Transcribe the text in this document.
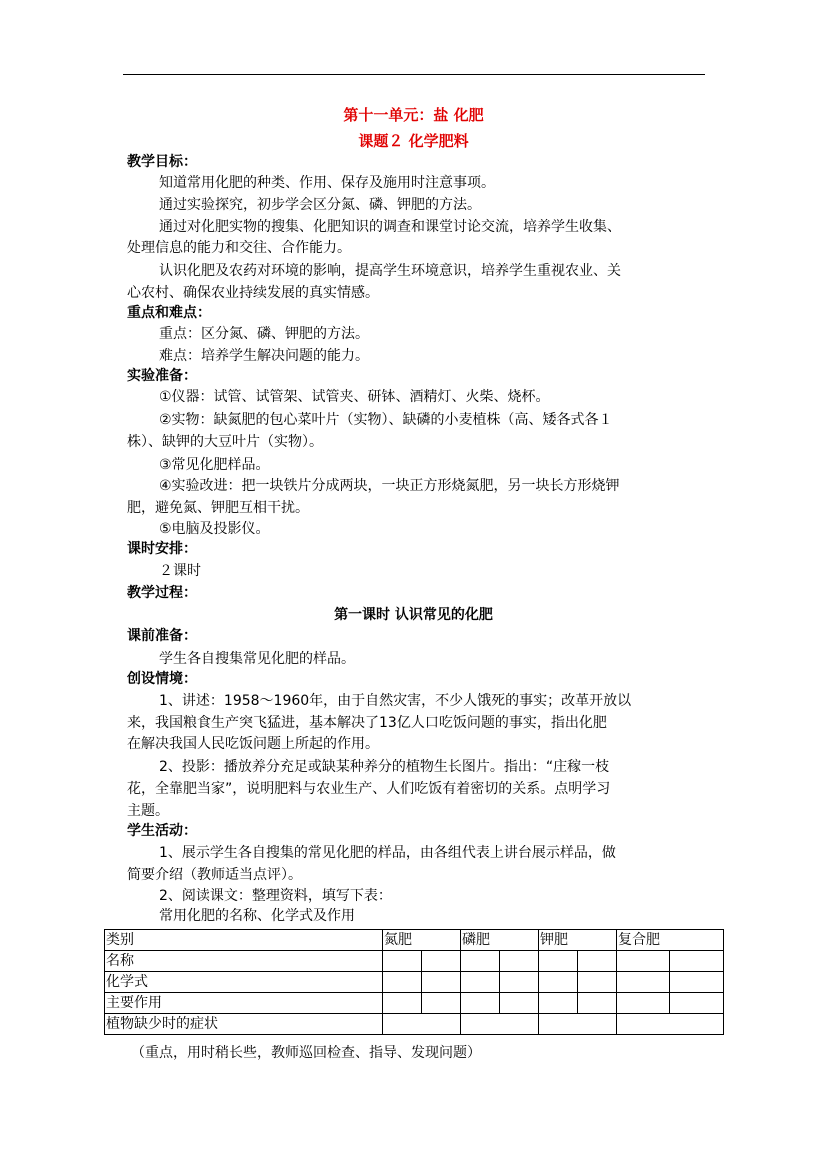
第十一单元：盐 化肥
课题２ 化学肥料
教学目标：
知道常用化肥的种类、作用、保存及施用时注意事项。
通过实验探究，初步学会区分氮、磷、钾肥的方法。
通过对化肥实物的搜集、化肥知识的调查和课堂讨论交流，培养学生收集、
处理信息的能力和交往、合作能力。
认识化肥及农药对环境的影响，提高学生环境意识，培养学生重视农业、关
心农村、确保农业持续发展的真实情感。
重点和难点：
重点：区分氮、磷、钾肥的方法。
难点：培养学生解决问题的能力。
实验准备：
①仪器：试管、试管架、试管夹、研钵、酒精灯、火柴、烧杯。
②实物：缺氮肥的包心菜叶片（实物）、缺磷的小麦植株（高、矮各式各１
株）、缺钾的大豆叶片（实物）。
③常见化肥样品。
④实验改进：把一块铁片分成两块，一块正方形烧氮肥，另一块长方形烧钾
肥，避免氮、钾肥互相干扰。
⑤电脑及投影仪。
课时安排：
２课时
教学过程：
第一课时 认识常见的化肥
课前准备：
学生各自搜集常见化肥的样品。
创设情境：
1、讲述：1958～1960年，由于自然灾害，不少人饿死的事实；改革开放以
来，我国粮食生产突飞猛进，基本解决了13亿人口吃饭问题的事实，指出化肥
在解决我国人民吃饭问题上所起的作用。
2、投影：播放养分充足或缺某种养分的植物生长图片。指出：“庄稼一枝
花，全靠肥当家”，说明肥料与农业生产、人们吃饭有着密切的关系。点明学习
主题。
学生活动：
1、展示学生各自搜集的常见化肥的样品，由各组代表上讲台展示样品，做
简要介绍（教师适当点评）。
2、阅读课文：整理资料，填写下表：
常用化肥的名称、化学式及作用
类别	氮肥		磷肥		钾肥		复合肥	
名称								
化学式								
主要作用								
植物缺少时的症状								
（重点，用时稍长些，教师巡回检查、指导、发现问题）
